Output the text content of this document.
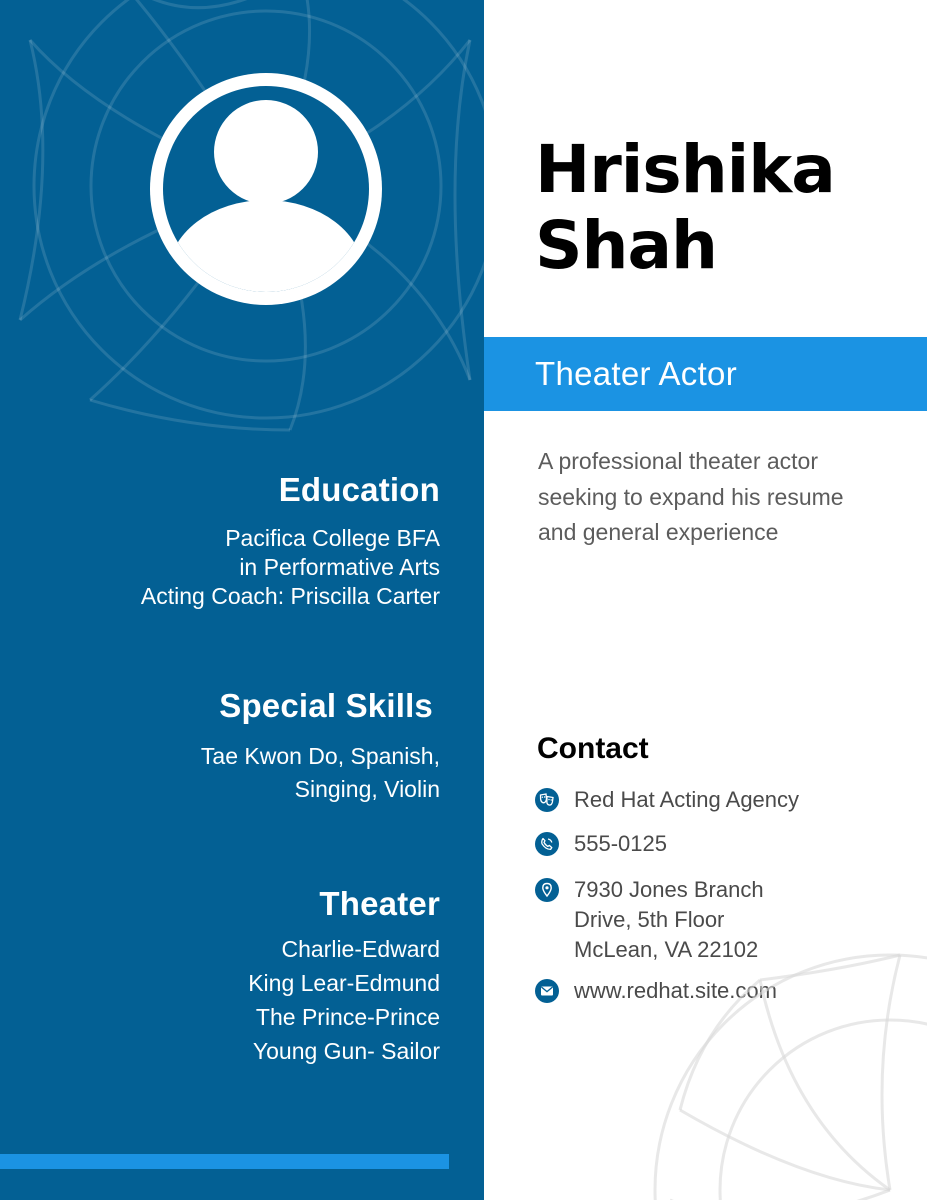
Education
Pacifica College BFA
in Performative Arts
Acting Coach: Priscilla Carter
Special Skills
Tae Kwon Do, Spanish,
Singing, Violin
Theater
Charlie-Edward
King Lear-Edmund
The Prince-Prince
Young Gun- Sailor
Hrishika
Shah
Theater Actor
A professional theater actor seeking to expand his resume and general experience
Contact
Red Hat Acting Agency
555-0125
7930 Jones Branch
Drive, 5th Floor
McLean, VA 22102
www.redhat.site.com
